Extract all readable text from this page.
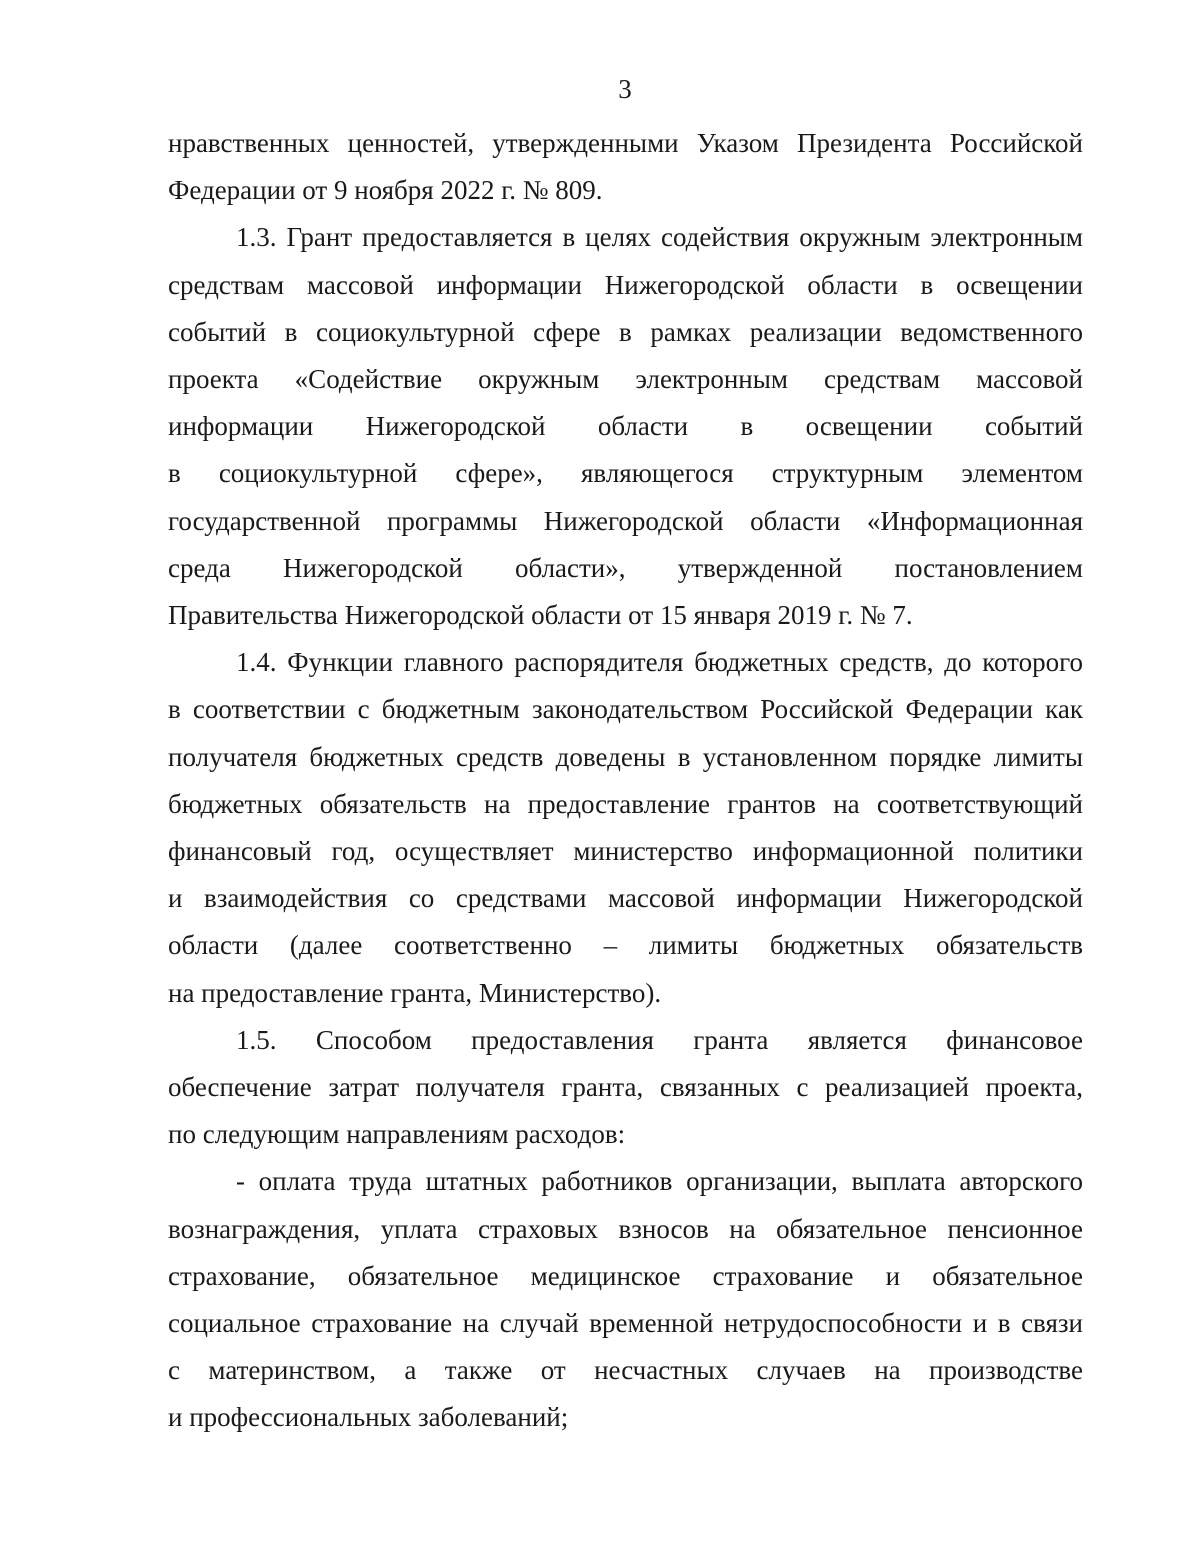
3
нравственных ценностей, утвержденными Указом Президента Российской
Федерации от 9 ноября 2022 г. № 809.
1.3. Грант предоставляется в целях содействия окружным электронным
средствам массовой информации Нижегородской области в освещении
событий в социокультурной сфере в рамках реализации ведомственного
проекта «Содействие окружным электронным средствам массовой
информации Нижегородской области в освещении событий
в социокультурной сфере», являющегося структурным элементом
государственной программы Нижегородской области «Информационная
среда Нижегородской области», утвержденной постановлением
Правительства Нижегородской области от 15 января 2019 г. № 7.
1.4. Функции главного распорядителя бюджетных средств, до которого
в соответствии с бюджетным законодательством Российской Федерации как
получателя бюджетных средств доведены в установленном порядке лимиты
бюджетных обязательств на предоставление грантов на соответствующий
финансовый год, осуществляет министерство информационной политики
и взаимодействия со средствами массовой информации Нижегородской
области (далее соответственно – лимиты бюджетных обязательств
на предоставление гранта, Министерство).
1.5. Способом предоставления гранта является финансовое
обеспечение затрат получателя гранта, связанных с реализацией проекта,
по следующим направлениям расходов:
- оплата труда штатных работников организации, выплата авторского
вознаграждения, уплата страховых взносов на обязательное пенсионное
страхование, обязательное медицинское страхование и обязательное
социальное страхование на случай временной нетрудоспособности и в связи
с материнством, а также от несчастных случаев на производстве
и профессиональных заболеваний;
